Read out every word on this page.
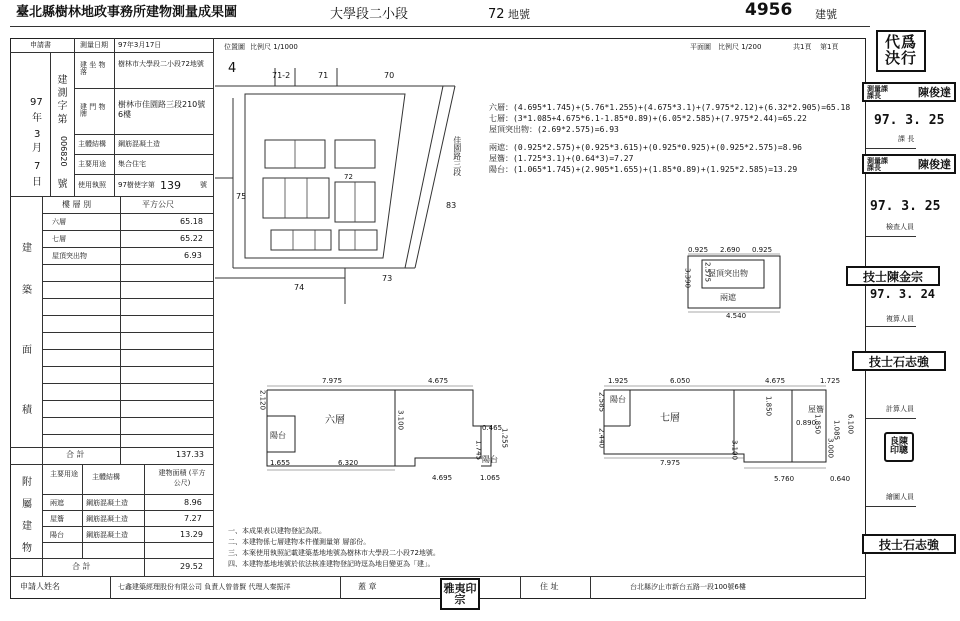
臺北縣樹林地政事務所建物測量成果圖	大學段二小段	72 地號	4956 建號
申請書	測量日期 97年3月17日
建 測 字 第
號
006820
97
年
3
月
7
日
建 坐 物 落
樹林市大學段二小段72地號
建 門 物 牌
樹林市佳園路三段210號6樓
主體結構 鋼筋混凝土造
主要用途 集合住宅
使用執照 97樹使字第 139	號
樓 層 別	平方公尺
六層	65.18
七層	65.22
屋頂突出物	6.93
建
築
面
積
合 計	137.33
主要用途 主體結構	建物面積 (平方公尺)
兩遮	鋼筋混凝土造	8.96
屋簷	鋼筋混凝土造	7.27
陽台	鋼筋混凝土造	13.29
附
屬
建
物
合 計	29.52
位置圖 比例尺 1/1000
4	71-2	71	70
72
75
83
73
74
佳園路三段
平面圖 比例尺 1/200	共1頁 第1頁
六層：(4.695*1.745)+(5.76*1.255)+(4.675*3.1)+(7.975*2.12)+(6.32*2.905)=65.18
七層：(3*1.085+4.675*6.1-1.85*0.89)+(6.05*2.585)+(7.975*2.44)=65.22
屋頂突出物：(2.69*2.575)=6.93
兩遮：(0.925*2.575)+(0.925*3.615)+(0.925*0.925)+(0.925*2.575)=8.96
屋簷：(1.725*3.1)+(0.64*3)=7.27
陽台：(1.065*1.745)+(2.905*1.655)+(1.85*0.89)+(1.925*2.585)=13.29
0.925 2.690 0.925
4.540
3.390 2.575
屋頂突出物
兩遮
7.975	4.675
2.120
1.655	6.320
4.695	1.065
0.465
1.745
1.255
3.100
六層
陽台
陽台
1.925	6.050	4.675	1.725
2.585
2.440
7.975
5.760	0.640
1.850
0.890
3.000
1.085 6.100
3.100
1.850
陽台
七層
屋簷
一、本成果表以建物登記為限。
二、本建物係七層建物本件僅測量第 層部份。
三、本案使用執照記載建築基地地號為樹林市大學段二小段72地號。
四、本建物基地地號於依法核准建物登記時逕為地目變更為「建」。
申請人姓名	七鑫建築經理股份有限公司 負責人曾普賢 代理人秦振洋	蓋 章	雅夷印宗
住 址	台北縣汐止市新台五路一段100號6樓
代爲決行
測量課課長	陳俊達
97. 3. 25
課 長
測量課課長	陳俊達
97. 3. 25
檢查人員
技士陳金宗
97. 3. 24
複算人員
技士石志強
計算人員
良陳印聰
繪圖人員
技士石志強
